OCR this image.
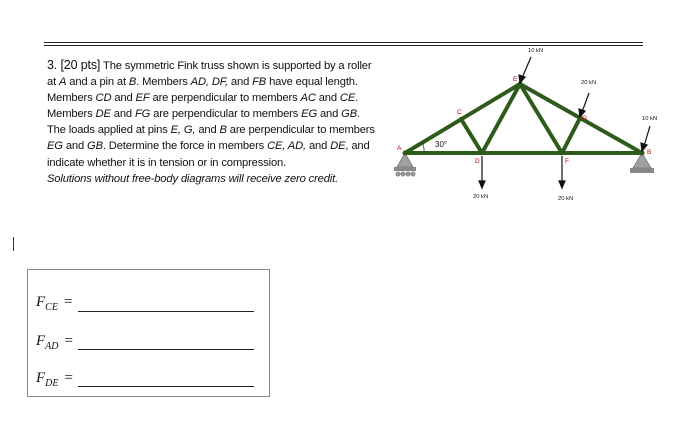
3. [20 pts] The symmetric Fink truss shown is supported by a roller at A and a pin at B. Members AD, DF, and FB have equal length. Members CD and EF are perpendicular to members AC and CE. Members DE and FG are perpendicular to members EG and GB. The loads applied at pins E, G, and B are perpendicular to members EG and GB. Determine the force in members CE, AD, and DE, and indicate whether it is in tension or in compression.
Solutions without free-body diagrams will receive zero credit.
30°
A
B
C
D
E
F
G
10 kN
20 kN
10 kN
20 kN	20 kN
$F_{CE}$ =
$F_{AD}$ =
$F_{DE}$ =
